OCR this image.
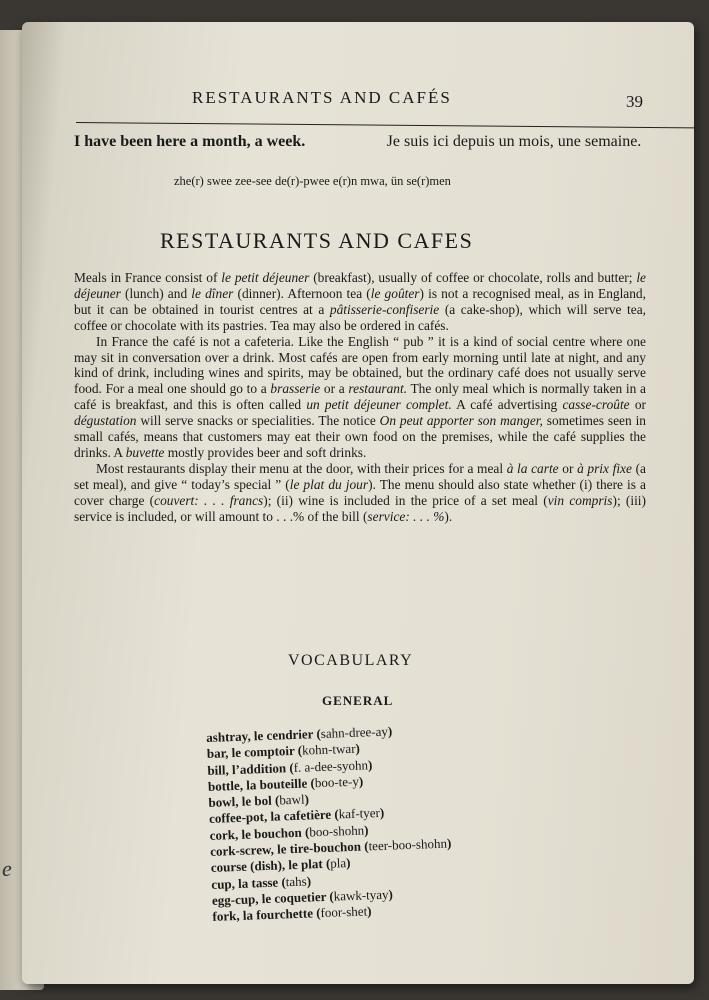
e
RESTAURANTS AND CAFÉS	39
I have been here a month, a week.	Je suis ici depuis un mois, une semaine.
zhe(r) swee zee-see de(r)-pwee e(r)n mwa, ün se(r)men
RESTAURANTS AND CAFES

Meals in France consist of le petit déjeuner (breakfast), usually of coffee or chocolate, rolls and butter; le déjeuner (lunch) and le dîner (dinner). Afternoon tea (le goûter) is not a recognised meal, as in England, but it can be obtained in tourist centres at a pâtisserie-confiserie (a cake-shop), which will serve tea, coffee or chocolate with its pastries. Tea may also be ordered in cafés.

In France the café is not a cafeteria. Like the English “ pub ” it is a kind of social centre where one may sit in conversation over a drink. Most cafés are open from early morning until late at night, and any kind of drink, including wines and spirits, may be obtained, but the ordinary café does not usually serve food. For a meal one should go to a brasserie or a restaurant. The only meal which is normally taken in a café is breakfast, and this is often called un petit déjeuner complet. A café advertising casse-croûte or dégustation will serve snacks or specialities. The notice On peut apporter son manger, sometimes seen in small cafés, means that customers may eat their own food on the premises, while the café supplies the drinks. A buvette mostly provides beer and soft drinks.

Most restaurants display their menu at the door, with their prices for a meal à la carte or à prix fixe (a set meal), and give “ today’s special ” (le plat du jour). The menu should also state whether (i) there is a cover charge (couvert: . . . francs); (ii) wine is included in the price of a set meal (vin compris); (iii) service is included, or will amount to . . .% of the bill (service: . . . %).

VOCABULARY
GENERAL
ashtray, le cendrier (sahn-dree-ay)
bar, le comptoir (kohn-twar)
bill, l’addition (f. a-dee-syohn)
bottle, la bouteille (boo-te-y)
bowl, le bol (bawl)
coffee-pot, la cafetière (kaf-tyer)
cork, le bouchon (boo-shohn)
cork-screw, le tire-bouchon (teer-boo-shohn)
course (dish), le plat (pla)
cup, la tasse (tahs)
egg-cup, le coquetier (kawk-tyay)
fork, la fourchette (foor-shet)
